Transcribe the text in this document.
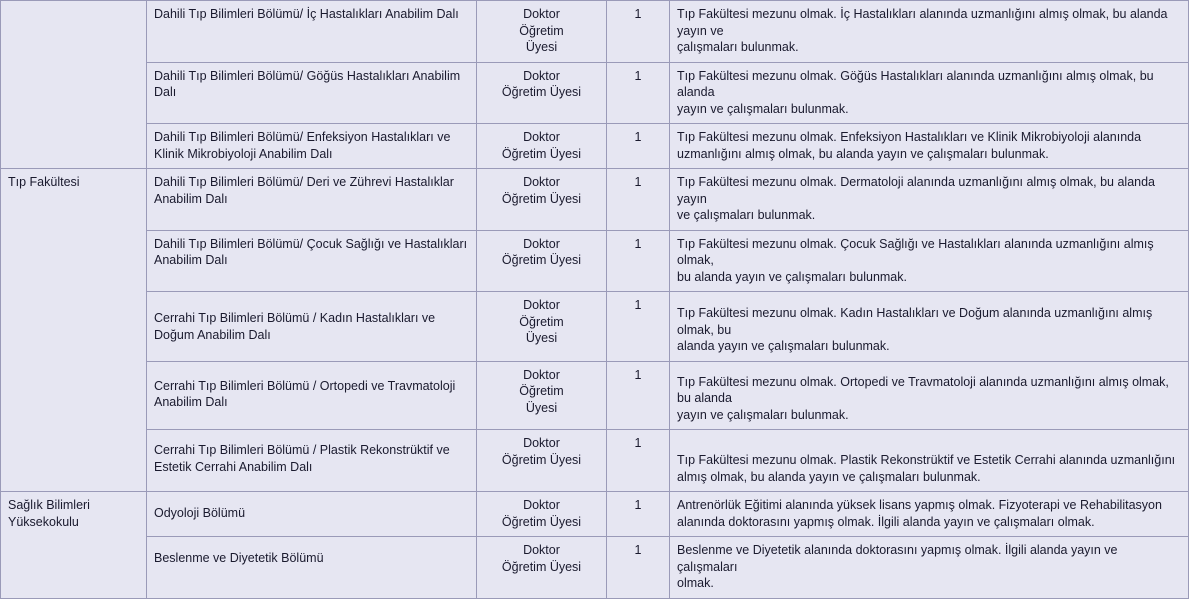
	Dahili Tıp Bilimleri Bölümü/ İç Hastalıkları Anabilim Dalı	Doktor
Öğretim
Üyesi	1	Tıp Fakültesi mezunu olmak. İç Hastalıkları alanında uzmanlığını almış olmak, bu alanda yayın ve
çalışmaları bulunmak.

	Dahili Tıp Bilimleri Bölümü/ Göğüs Hastalıkları Anabilim Dalı	Doktor
Öğretim Üyesi	1	Tıp Fakültesi mezunu olmak. Göğüs Hastalıkları alanında uzmanlığını almış olmak, bu alanda
yayın ve çalışmaları bulunmak.

	Dahili Tıp Bilimleri Bölümü/ Enfeksiyon Hastalıkları ve Klinik Mikrobiyoloji Anabilim Dalı	Doktor
Öğretim Üyesi	1	Tıp Fakültesi mezunu olmak. Enfeksiyon Hastalıkları ve Klinik Mikrobiyoloji alanında
uzmanlığını almış olmak, bu alanda yayın ve çalışmaları bulunmak.

Tıp Fakültesi	Dahili Tıp Bilimleri Bölümü/ Deri ve Zührevi Hastalıklar Anabilim Dalı	Doktor
Öğretim Üyesi	1	Tıp Fakültesi mezunu olmak. Dermatoloji alanında uzmanlığını almış olmak, bu alanda yayın
ve çalışmaları bulunmak.

	Dahili Tıp Bilimleri Bölümü/ Çocuk Sağlığı ve Hastalıkları Anabilim Dalı	Doktor
Öğretim Üyesi	1	Tıp Fakültesi mezunu olmak. Çocuk Sağlığı ve Hastalıkları alanında uzmanlığını almış olmak,
bu alanda yayın ve çalışmaları bulunmak.

	Cerrahi Tıp Bilimleri Bölümü / Kadın Hastalıkları ve Doğum Anabilim Dalı	Doktor
Öğretim
Üyesi	1	Tıp Fakültesi mezunu olmak. Kadın Hastalıkları ve Doğum alanında uzmanlığını almış olmak, bu
alanda yayın ve çalışmaları bulunmak.

	Cerrahi Tıp Bilimleri Bölümü / Ortopedi ve Travmatoloji Anabilim Dalı	Doktor
Öğretim
Üyesi	1	Tıp Fakültesi mezunu olmak. Ortopedi ve Travmatoloji alanında uzmanlığını almış olmak, bu alanda
yayın ve çalışmaları bulunmak.

	Cerrahi Tıp Bilimleri Bölümü / Plastik Rekonstrüktif ve Estetik Cerrahi Anabilim Dalı	Doktor
Öğretim Üyesi	1	Tıp Fakültesi mezunu olmak. Plastik Rekonstrüktif ve Estetik Cerrahi alanında uzmanlığını
almış olmak, bu alanda yayın ve çalışmaları bulunmak.

Sağlık Bilimleri Yüksekokulu	Odyoloji Bölümü	Doktor
Öğretim Üyesi	1	Antrenörlük Eğitimi alanında yüksek lisans yapmış olmak. Fizyoterapi ve Rehabilitasyon
alanında doktorasını yapmış olmak. İlgili alanda yayın ve çalışmaları olmak.

	Beslenme ve Diyetetik Bölümü	Doktor
Öğretim Üyesi	1	Beslenme ve Diyetetik alanında doktorasını yapmış olmak. İlgili alanda yayın ve çalışmaları
olmak.
